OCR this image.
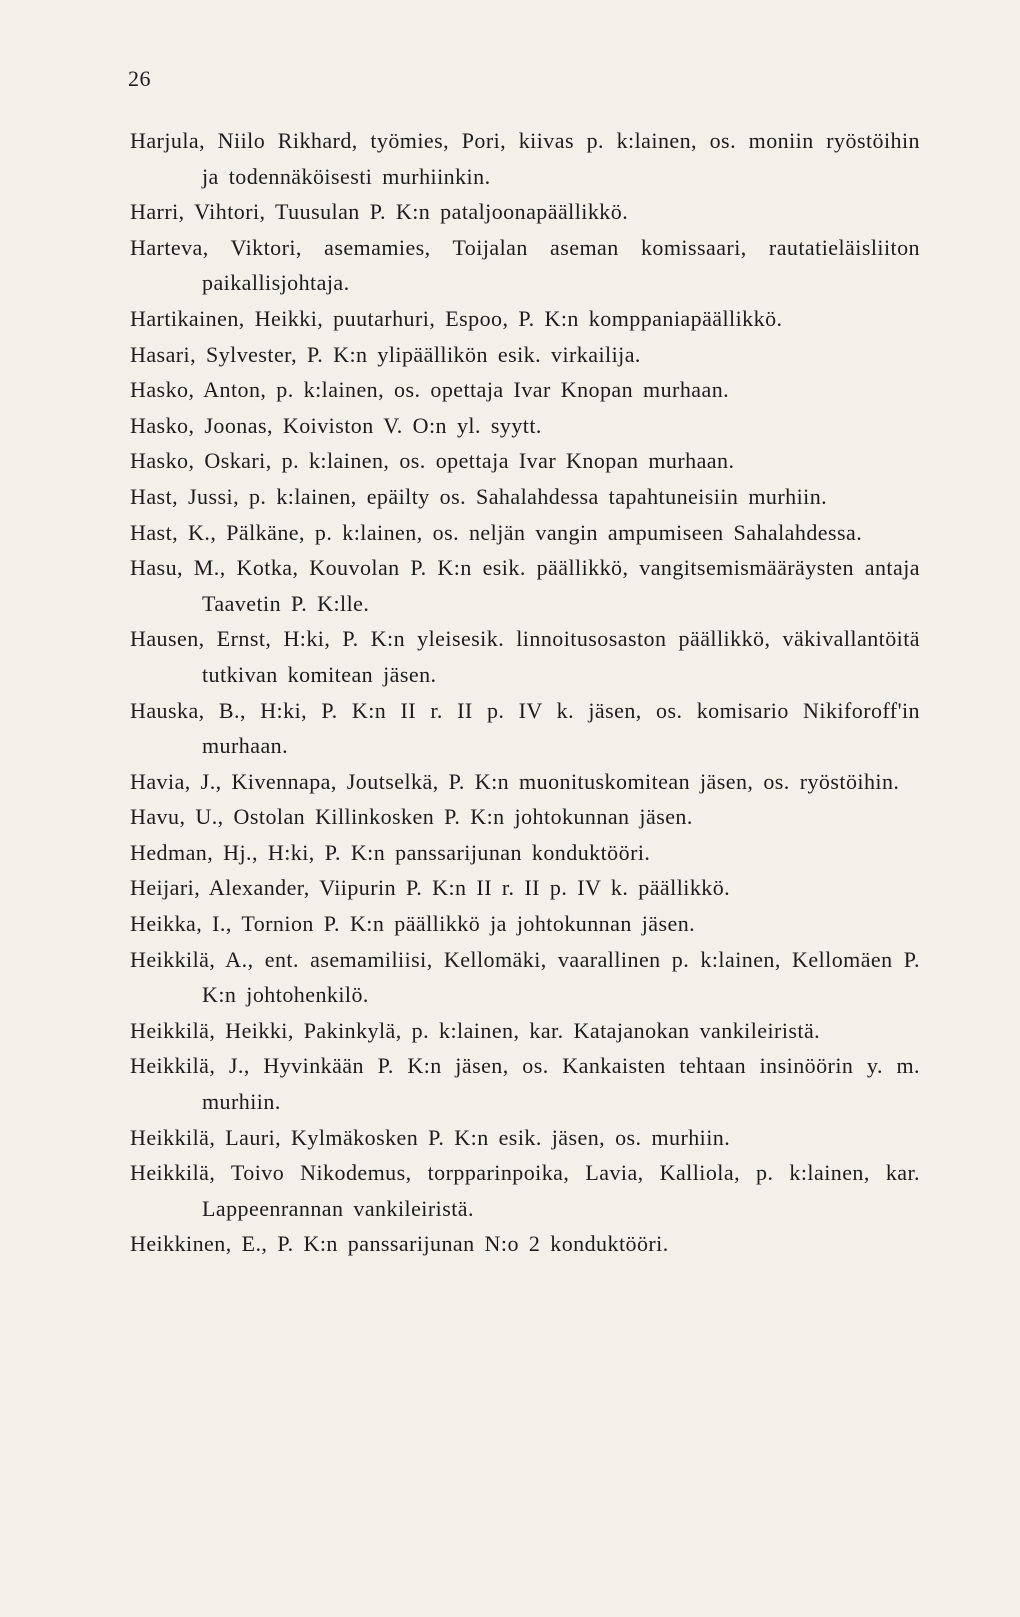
26
Harjula, Niilo Rikhard, työmies, Pori, kiivas p. k:lainen, os. moniin ryöstöihin ja todennäköisesti murhiinkin.
Harri, Vihtori, Tuusulan P. K:n pataljoonapäällikkö.
Harteva, Viktori, asemamies, Toijalan aseman komissaari, rautatieläisliiton paikallisjohtaja.
Hartikainen, Heikki, puutarhuri, Espoo, P. K:n komppaniapäällikkö.
Hasari, Sylvester, P. K:n ylipäällikön esik. virkailija.
Hasko, Anton, p. k:lainen, os. opettaja Ivar Knopan murhaan.
Hasko, Joonas, Koiviston V. O:n yl. syytt.
Hasko, Oskari, p. k:lainen, os. opettaja Ivar Knopan murhaan.
Hast, Jussi, p. k:lainen, epäilty os. Sahalahdessa tapahtuneisiin murhiin.
Hast, K., Pälkäne, p. k:lainen, os. neljän vangin ampumiseen Sahalahdessa.
Hasu, M., Kotka, Kouvolan P. K:n esik. päällikkö, vangitsemismääräysten antaja Taavetin P. K:lle.
Hausen, Ernst, H:ki, P. K:n yleisesik. linnoitusosaston päällikkö, väkivallantöitä tutkivan komitean jäsen.
Hauska, B., H:ki, P. K:n II r. II p. IV k. jäsen, os. komisario Nikiforoff'in murhaan.
Havia, J., Kivennapa, Joutselkä, P. K:n muonituskomitean jäsen, os. ryöstöihin.
Havu, U., Ostolan Killinkosken P. K:n johtokunnan jäsen.
Hedman, Hj., H:ki, P. K:n panssarijunan konduktööri.
Heijari, Alexander, Viipurin P. K:n II r. II p. IV k. päällikkö.
Heikka, I., Tornion P. K:n päällikkö ja johtokunnan jäsen.
Heikkilä, A., ent. asemamiliisi, Kellomäki, vaarallinen p. k:lainen, Kellomäen P. K:n johtohenkilö.
Heikkilä, Heikki, Pakinkylä, p. k:lainen, kar. Katajanokan vankileiristä.
Heikkilä, J., Hyvinkään P. K:n jäsen, os. Kankaisten tehtaan insinöörin y. m. murhiin.
Heikkilä, Lauri, Kylmäkosken P. K:n esik. jäsen, os. murhiin.
Heikkilä, Toivo Nikodemus, torpparinpoika, Lavia, Kalliola, p. k:lainen, kar. Lappeenrannan vankileiristä.
Heikkinen, E., P. K:n panssarijunan N:o 2 konduktööri.
